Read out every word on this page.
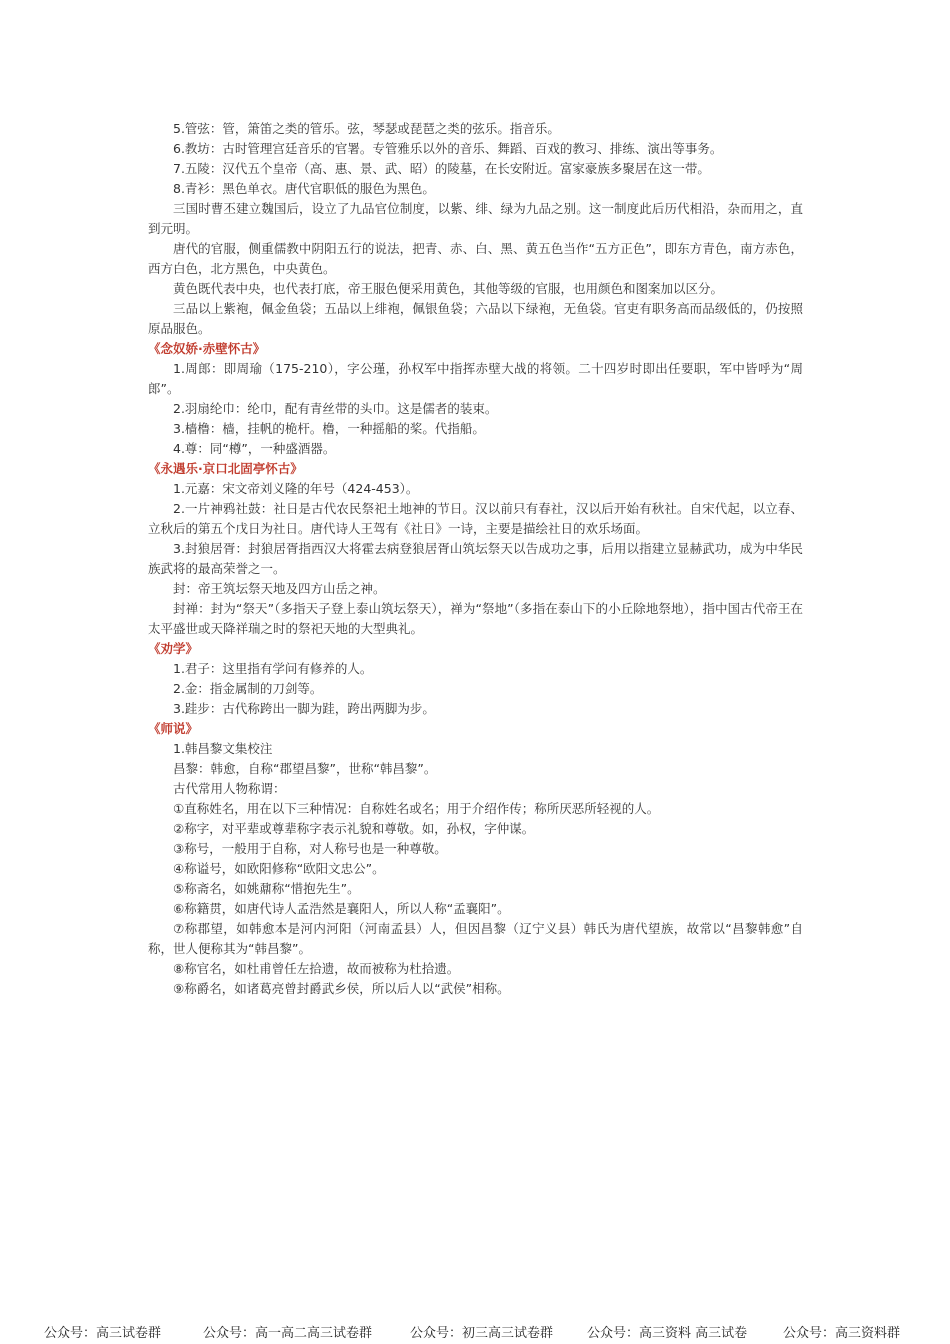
5.管弦：管，箫笛之类的管乐。弦，琴瑟或琵琶之类的弦乐。指音乐。
6.教坊：古时管理宫廷音乐的官署。专管雅乐以外的音乐、舞蹈、百戏的教习、排练、演出等事务。
7.五陵：汉代五个皇帝（高、惠、景、武、昭）的陵墓，在长安附近。富家豪族多聚居在这一带。
8.青衫：黑色单衣。唐代官职低的服色为黑色。
三国时曹丕建立魏国后，设立了九品官位制度，以紫、绯、绿为九品之别。这一制度此后历代相沿，杂而用之，直到元明。
唐代的官服，侧重儒教中阴阳五行的说法，把青、赤、白、黑、黄五色当作“五方正色”，即东方青色，南方赤色，西方白色，北方黑色，中央黄色。
黄色既代表中央，也代表打底，帝王服色便采用黄色，其他等级的官服，也用颜色和图案加以区分。
三品以上紫袍，佩金鱼袋；五品以上绯袍，佩银鱼袋；六品以下绿袍，无鱼袋。官吏有职务高而品级低的，仍按照原品服色。
《念奴娇·赤壁怀古》
1.周郎：即周瑜（175-210），字公瑾，孙权军中指挥赤壁大战的将领。二十四岁时即出任要职，军中皆呼为“周郎”。
2.羽扇纶巾：纶巾，配有青丝带的头巾。这是儒者的装束。
3.樯橹：樯，挂帆的桅杆。橹，一种摇船的桨。代指船。
4.尊：同“樽”，一种盛酒器。
《永遇乐·京口北固亭怀古》
1.元嘉：宋文帝刘义隆的年号（424-453）。
2.一片神鸦社鼓：社日是古代农民祭祀土地神的节日。汉以前只有春社，汉以后开始有秋社。自宋代起，以立春、立秋后的第五个戊日为社日。唐代诗人王驾有《社日》一诗，主要是描绘社日的欢乐场面。
3.封狼居胥：封狼居胥指西汉大将霍去病登狼居胥山筑坛祭天以告成功之事，后用以指建立显赫武功，成为中华民族武将的最高荣誉之一。
封：帝王筑坛祭天地及四方山岳之神。
封禅：封为“祭天”（多指天子登上泰山筑坛祭天），禅为“祭地”（多指在泰山下的小丘除地祭地），指中国古代帝王在太平盛世或天降祥瑞之时的祭祀天地的大型典礼。
《劝学》
1.君子：这里指有学问有修养的人。
2.金：指金属制的刀剑等。
3.跬步：古代称跨出一脚为跬，跨出两脚为步。
《师说》
1.韩昌黎文集校注
昌黎：韩愈，自称“郡望昌黎”，世称“韩昌黎”。
古代常用人物称谓：
①直称姓名，用在以下三种情况：自称姓名或名；用于介绍作传；称所厌恶所轻视的人。
②称字，对平辈或尊辈称字表示礼貌和尊敬。如，孙权，字仲谋。
③称号，一般用于自称，对人称号也是一种尊敬。
④称谥号，如欧阳修称“欧阳文忠公”。
⑤称斋名，如姚鼐称“惜抱先生”。
⑥称籍贯，如唐代诗人孟浩然是襄阳人，所以人称“孟襄阳”。
⑦称郡望，如韩愈本是河内河阳（河南孟县）人，但因昌黎（辽宁义县）韩氏为唐代望族，故常以“昌黎韩愈”自称，世人便称其为“韩昌黎”。
⑧称官名，如杜甫曾任左拾遗，故而被称为杜拾遗。
⑨称爵名，如诸葛亮曾封爵武乡侯，所以后人以“武侯”相称。
公众号：高三试卷群	公众号：高一高二高三试卷群	公众号：初三高三试卷群	公众号：高三资料 高三试卷	公众号：高三资料群
